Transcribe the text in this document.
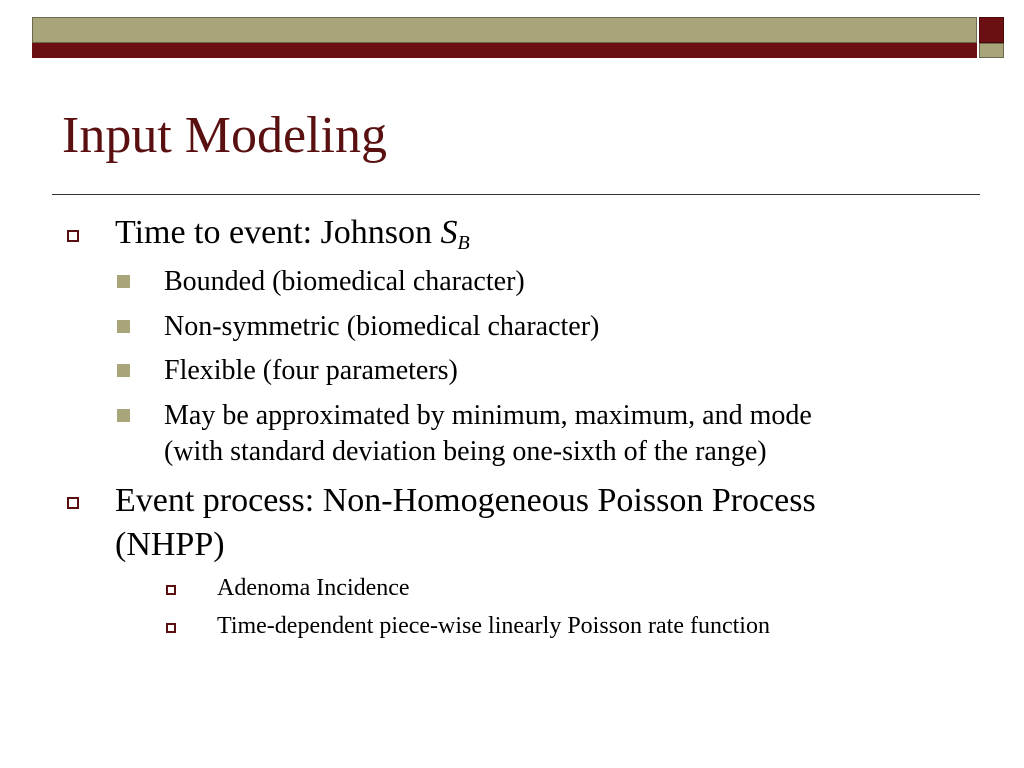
Input Modeling
Time to event: Johnson $S_B$
Bounded (biomedical character)
Non-symmetric (biomedical character)
Flexible (four parameters)
May be approximated by minimum, maximum, and mode
(with standard deviation being one-sixth of the range)
Event process: Non-Homogeneous Poisson Process
(NHPP)
Adenoma Incidence
Time-dependent piece-wise linearly Poisson rate function
